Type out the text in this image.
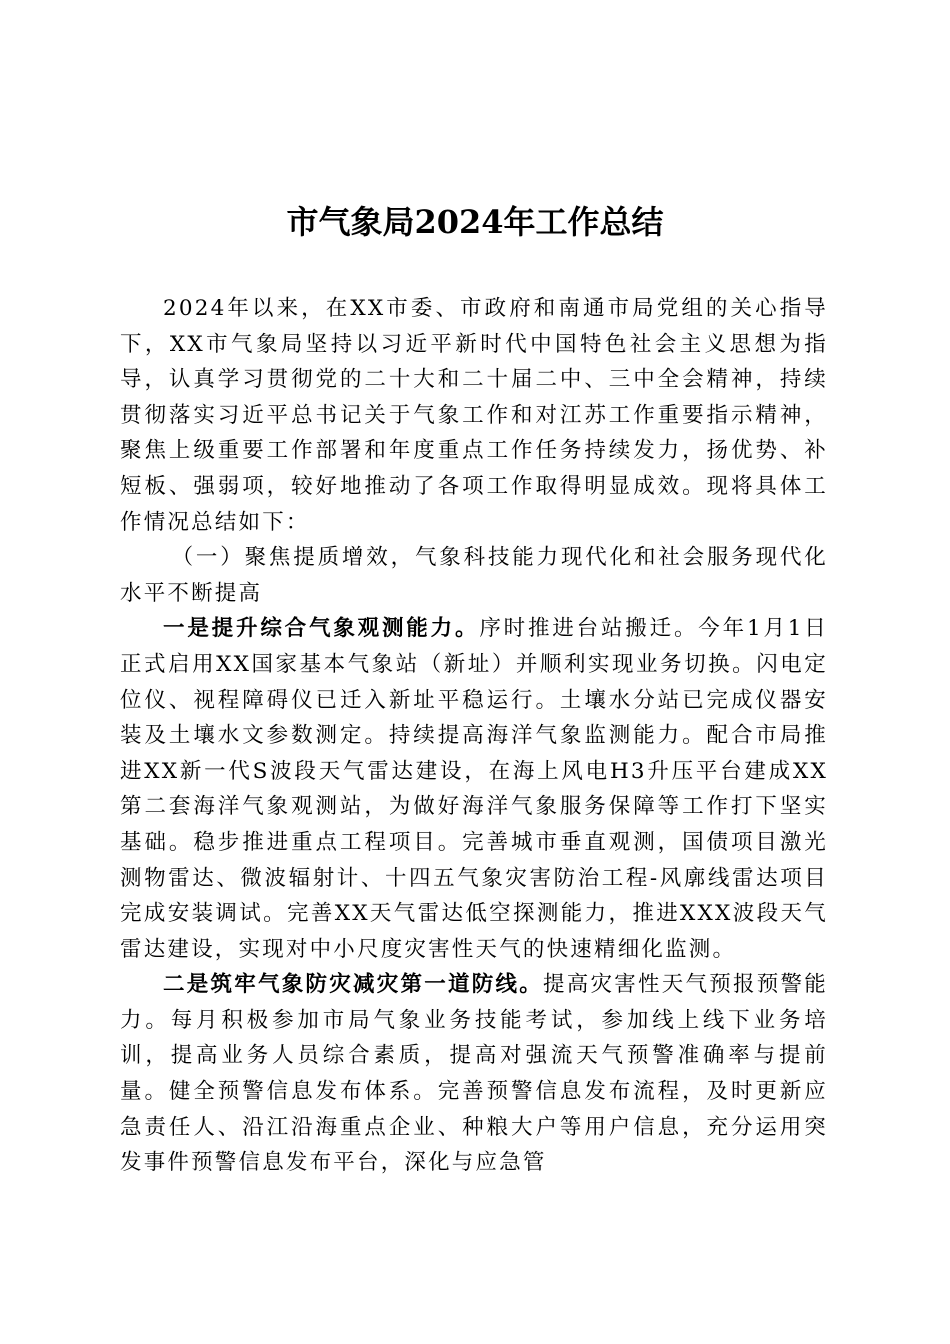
市气象局2024年工作总结

2024年以来，在XX市委、市政府和南通市局党组的关心指导下，XX市气象局坚持以习近平新时代中国特色社会主义思想为指导，认真学习贯彻党的二十大和二十届二中、三中全会精神，持续贯彻落实习近平总书记关于气象工作和对江苏工作重要指示精神，聚焦上级重要工作部署和年度重点工作任务持续发力，扬优势、补短板、强弱项，较好地推动了各项工作取得明显成效。现将具体工作情况总结如下：

（一）聚焦提质增效，气象科技能力现代化和社会服务现代化水平不断提高

一是提升综合气象观测能力。序时推进台站搬迁。今年1月1日正式启用XX国家基本气象站（新址）并顺利实现业务切换。闪电定位仪、视程障碍仪已迁入新址平稳运行。土壤水分站已完成仪器安装及土壤水文参数测定。持续提高海洋气象监测能力。配合市局推进XX新一代S波段天气雷达建设，在海上风电H3升压平台建成XX第二套海洋气象观测站，为做好海洋气象服务保障等工作打下坚实基础。稳步推进重点工程项目。完善城市垂直观测，国债项目激光测物雷达、微波辐射计、十四五气象灾害防治工程-风廓线雷达项目完成安装调试。完善XX天气雷达低空探测能力，推进XXX波段天气雷达建设，实现对中小尺度灾害性天气的快速精细化监测。

二是筑牢气象防灾减灾第一道防线。提高灾害性天气预报预警能力。每月积极参加市局气象业务技能考试，参加线上线下业务培训，提高业务人员综合素质，提高对强流天气预警准确率与提前量。健全预警信息发布体系。完善预警信息发布流程，及时更新应急责任人、沿江沿海重点企业、种粮大户等用户信息，充分运用突发事件预警信息发布平台，深化与应急管
